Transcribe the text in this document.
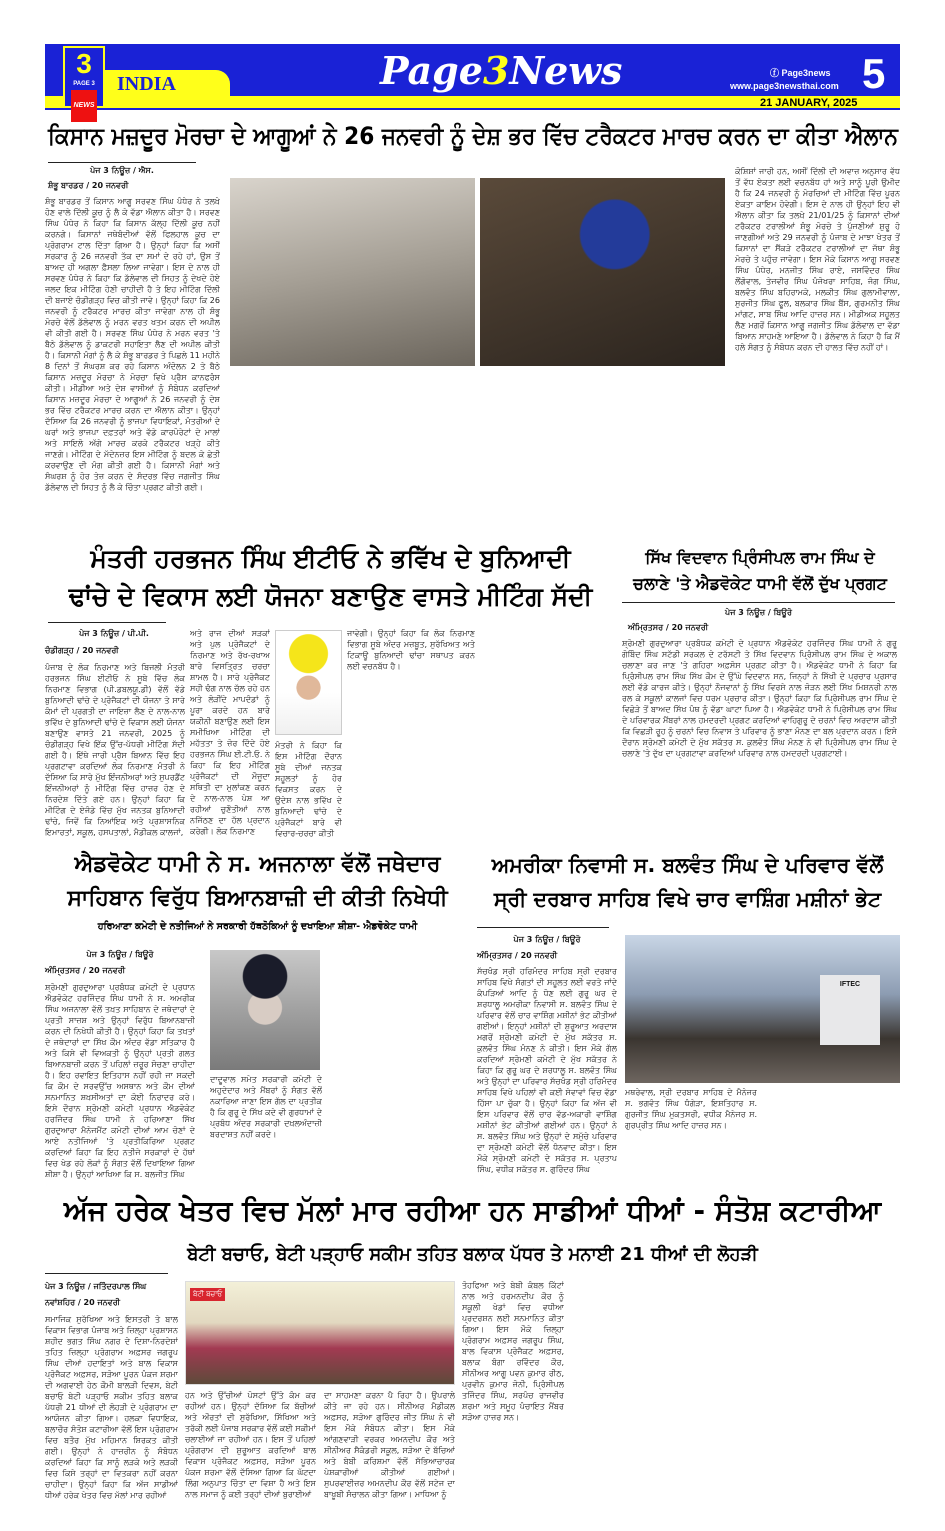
3
PAGE 3
NEWS
INDIA	Page3News	ⓕ Page3news
www.page3newsthai.com 5
21 JANUARY, 2025
ਕਿਸਾਨ ਮਜ਼ਦੂਰ ਮੋਰਚਾ ਦੇ ਆਗੂਆਂ ਨੇ 26 ਜਨਵਰੀ ਨੂੰ ਦੇਸ਼ ਭਰ ਵਿੱਚ ਟਰੈਕਟਰ ਮਾਰਚ ਕਰਨ ਦਾ ਕੀਤਾ ਐਲਾਨ
ਪੇਜ 3 ਨਿਊਜ਼ / ਐਸ.
ਸ਼ੰਭੂ ਬਾਰਡਰ / 20 ਜਨਵਰੀ
ਸ਼ੰਭੂ ਬਾਰਡਰ ਤੋਂ ਕਿਸਾਨ ਆਗੂ ਸਰਵਣ ਸਿੰਘ ਪੰਧੇਰ ਨੇ ਤਲਖ਼ੇ ਹੋਣ ਵਾਲੇ ਦਿੱਲੀ ਕੂਚ ਨੂੰ ਲੈ ਕੇ ਵੱਡਾ ਐਲਾਨ ਕੀਤਾ ਹੈ। ਸਰਵਣ ਸਿੰਘ ਪੰਧੇਰ ਨੇ ਕਿਹਾ ਕਿ ਕਿਸਾਨ ਕੱਲ੍ਹ ਦਿੱਲੀ ਕੂਚ ਨਹੀਂ ਕਰਨਗੇ। ਕਿਸਾਨਾਂ ਜਥੇਬੰਦੀਆਂ ਵੱਲੋਂ ਫਿਲਹਾਲ ਕੂਚ ਦਾ ਪ੍ਰੋਗਰਾਮ ਟਾਲ ਦਿੱਤਾ ਗਿਆ ਹੈ। ਉਨ੍ਹਾਂ ਕਿਹਾ ਕਿ ਅਸੀਂ ਸਰਕਾਰ ਨੂੰ 26 ਜਨਵਰੀ ਤੱਕ ਦਾ ਸਮਾਂ ਦੇ ਰਹੇ ਹਾਂ, ਉਸ ਤੋਂ ਬਾਅਦ ਹੀ ਅਗਲਾ ਫ਼ੈਸਲਾ ਲਿਆ ਜਾਵੇਗਾ। ਇਸ ਦੇ ਨਾਲ ਹੀ ਸਰਵਣ ਪੰਧੇਰ ਨੇ ਕਿਹਾ ਕਿ ਡੱਲੇਵਾਲ ਦੀ ਸਿਹਤ ਨੂੰ ਦੇਖਦੇ ਹੋਏ ਜਲਦ ਇਕ ਮੀਟਿੰਗ ਹੋਣੀ ਚਾਹੀਦੀ ਹੈ ਤੇ ਇਹ ਮੀਟਿੰਗ ਦਿੱਲੀ ਦੀ ਬਜਾਏ ਚੰਡੀਗੜ੍ਹ ਵਿਚ ਕੀਤੀ ਜਾਵੇ। ਉਨ੍ਹਾਂ ਕਿਹਾ ਕਿ 26 ਜਨਵਰੀ ਨੂੰ ਟਰੈਕਟਰ ਮਾਰਚ ਕੀਤਾ ਜਾਵੇਗਾ ਨਾਲ ਹੀ ਸ਼ੰਭੂ ਮੋਰਚੇ ਵੱਲੋਂ ਡੱਲੇਵਾਲ ਨੂੰ ਮਰਨ ਵਰਤ ਖਤਮ ਕਰਨ ਦੀ ਅਪੀਲ ਵੀ ਕੀਤੀ ਗਈ ਹੈ। ਸਰਵਣ ਸਿੰਘ ਪੰਧੇਰ ਨੇ ਮਰਨ ਵਰਤ 'ਤੇ ਬੈਠੇ ਡੱਲੇਵਾਲ ਨੂੰ ਡਾਕਟਰੀ ਸਹਾਇਤਾ ਲੈਣ ਦੀ ਅਪੀਲ ਕੀਤੀ ਹੈ। ਕਿਸਾਨੀ ਮੰਗਾਂ ਨੂੰ ਲੈ ਕੇ ਸ਼ੰਭੂ ਬਾਰਡਰ ਤੇ ਪਿਛਲੇ 11 ਮਹੀਨੇ 8 ਦਿਨਾਂ ਤੋਂ ਸੰਘਰਸ਼ ਕਰ ਰਹੇ ਕਿਸਾਨ ਅੰਦੋਲਨ 2 ਤੇ ਬੈਠੇ ਕਿਸਾਨ ਮਜ਼ਦੂਰ ਮੋਰਚਾ ਨੇ ਮੋਰਚਾ ਵਿਖੇ ਪ੍ਰੈਸ ਕਾਨਫਰੰਸ ਕੀਤੀ। ਮੀਡੀਆ ਅਤੇ ਦੇਸ਼ ਵਾਸੀਆਂ ਨੂੰ ਸੰਬੋਧਨ ਕਰਦਿਆਂ ਕਿਸਾਨ ਮਜ਼ਦੂਰ ਮੋਰਚਾ ਦੇ ਆਗੂਆਂ ਨੇ 26 ਜਨਵਰੀ ਨੂੰ ਦੇਸ਼ ਭਰ ਵਿੱਚ ਟਰੈਕਟਰ ਮਾਰਚ ਕਰਨ ਦਾ ਐਲਾਨ ਕੀਤਾ। ਉਨ੍ਹਾਂ ਦੱਸਿਆ ਕਿ 26 ਜਨਵਰੀ ਨੂੰ ਭਾਜਪਾ ਵਿਧਾਇਕਾਂ, ਮੰਤਰੀਆਂ ਦੇ ਘਰਾਂ ਅਤੇ ਭਾਜਪਾ ਦਫ਼ਤਰਾਂ ਅਤੇ ਵੱਡੇ ਕਾਰਪੋਰੇਟਾਂ ਦੇ ਮਾਲਾਂ ਅਤੇ ਸਾਇਲੋ ਅੱਗੇ ਮਾਰਚ ਕਰਕੇ ਟਰੈਕਟਰ ਖੜ੍ਹੇ ਕੀਤੇ ਜਾਣਗੇ। ਮੀਟਿੰਗ ਦੇ ਮੱਦੇਨਜ਼ਰ ਇਸ ਮੀਟਿੰਗ ਨੂੰ ਬਦਲ ਕੇ ਛੇਤੀ ਕਰਵਾਉਣ ਦੀ ਮੰਗ ਕੀਤੀ ਗਈ ਹੈ। ਕਿਸਾਨੀ ਮੰਗਾਂ ਅਤੇ ਸੰਘਰਸ਼ ਨੂੰ ਹੋਰ ਤੇਜ਼ ਕਰਨ ਦੇ ਸੰਦਰਭ ਵਿੱਚ ਜਗਜੀਤ ਸਿੰਘ ਡੱਲੇਵਾਲ ਦੀ ਸਿਹਤ ਨੂੰ ਲੈ ਕੇ ਚਿੰਤਾ ਪ੍ਰਗਟ ਕੀਤੀ ਗਈ।
ਕੋਸ਼ਿਸ਼ਾਂ ਜਾਰੀ ਹਨ, ਅਸੀਂ ਦਿੱਲੀ ਦੀ ਅਵਾਜ਼ ਅਨੁਸਾਰ ਵੱਧ ਤੋਂ ਵੱਧ ਏਕਤਾ ਲਈ ਵਚਨਬੱਧ ਹਾਂ ਅਤੇ ਸਾਨੂੰ ਪੂਰੀ ਉਮੀਦ ਹੈ ਕਿ 24 ਜਨਵਰੀ ਨੂੰ ਮੋਰਚਿਆਂ ਦੀ ਮੀਟਿੰਗ ਵਿੱਚ ਪੂਰਨ ਏਕਤਾ ਕਾਇਮ ਹੋਵੇਗੀ। ਇਸ ਦੇ ਨਾਲ ਹੀ ਉਨ੍ਹਾਂ ਇਹ ਵੀ ਐਲਾਨ ਕੀਤਾ ਕਿ ਤਲਖ਼ੇ 21/01/25 ਨੂੰ ਕਿਸਾਨਾਂ ਦੀਆਂ ਟਰੈਕਟਰ ਟਰਾਲੀਆਂ ਸ਼ੰਭੂ ਮੋਰਚੇ ਤੇ ਪੁੱਜਣੀਆਂ ਸ਼ੁਰੂ ਹੋ ਜਾਣਗੀਆਂ ਅਤੇ 29 ਜਨਵਰੀ ਨੂੰ ਪੰਜਾਬ ਦੇ ਮਾਝਾ ਖੇਤਰ ਤੋਂ ਕਿਸਾਨਾਂ ਦਾ ਸੈਂਕੜੇ ਟਰੈਕਟਰ ਟਰਾਲੀਆਂ ਦਾ ਜੱਥਾ ਸ਼ੰਭੂ ਮੋਰਚੇ ਤੇ ਪਹੁੰਚ ਜਾਵੇਗਾ। ਇਸ ਮੌਕੇ ਕਿਸਾਨ ਆਗੂ ਸਰਵਣ ਸਿੰਘ ਪੰਧੇਰ, ਮਨਜੀਤ ਸਿੰਘ ਰਾਏ, ਜਸਵਿੰਦਰ ਸਿੰਘ ਲੌਂਗੋਵਾਲ, ਤੇਜਵੀਰ ਸਿੰਘ ਪੰਜੋਖਰਾ ਸਾਹਿਬ, ਜੰਗ ਸਿੰਘ, ਬਲਵੰਤ ਸਿੰਘ ਬਹਿਰਾਮਕੇ, ਮਲਕੀਤ ਸਿੰਘ ਗੁਲਾਮੀਵਾਲਾ, ਸੁਰਜੀਤ ਸਿੰਘ ਫੂਲ, ਬਲਕਾਰ ਸਿੰਘ ਬੈਂਸ, ਗੁਰਮਨੀਤ ਸਿੰਘ ਮਾਂਗਟ, ਸਾਬ ਸਿੰਘ ਆਦਿ ਹਾਜ਼ਰ ਸਨ। ਮੀਡੀਅਕ ਸਹੂਲਤ ਲੈਣ ਮਗਰੋਂ ਕਿਸਾਨ ਆਗੂ ਜਗਜੀਤ ਸਿੰਘ ਡੱਲੇਵਾਲ ਦਾ ਵੱਡਾ ਬਿਆਨ ਸਾਹਮਣੇ ਆਇਆ ਹੈ। ਡੱਲੇਵਾਲ ਨੇ ਕਿਹਾ ਹੈ ਕਿ ਮੈਂ ਹਲੇ ਸੰਗਤ ਨੂੰ ਸੰਬੋਧਨ ਕਰਨ ਦੀ ਹਾਲਤ ਵਿੱਚ ਨਹੀਂ ਹਾਂ।
ਮੰਤਰੀ ਹਰਭਜਨ ਸਿੰਘ ਈਟੀਓ ਨੇ ਭਵਿੱਖ ਦੇ ਬੁਨਿਆਦੀ
ਢਾਂਚੇ ਦੇ ਵਿਕਾਸ ਲਈ ਯੋਜਨਾ ਬਣਾਉਣ ਵਾਸਤੇ ਮੀਟਿੰਗ ਸੱਦੀ
ਪੇਜ 3 ਨਿਊਜ਼ / ਪੀ.ਪੀ.
ਚੰਡੀਗੜ੍ਹ / 20 ਜਨਵਰੀ
ਪੰਜਾਬ ਦੇ ਲੋਕ ਨਿਰਮਾਣ ਅਤੇ ਬਿਜਲੀ ਮੰਤਰੀ ਹਰਭਜਨ ਸਿੰਘ ਈਟੀਓ ਨੇ ਸੂਬੇ ਵਿੱਚ ਲੋਕ ਨਿਰਮਾਣ ਵਿਭਾਗ (ਪੀ.ਡਬਲਯੂ.ਡੀ) ਵੱਲੋਂ ਵੱਡੇ ਬੁਨਿਆਦੀ ਢਾਂਚੇ ਦੇ ਪ੍ਰੋਜੈਕਟਾਂ ਦੀ ਯੋਜਨਾ ਤੇ ਸਾਰੇ ਕੰਮਾਂ ਦੀ ਪ੍ਰਗਤੀ ਦਾ ਜਾਇਜ਼ਾ ਲੈਣ ਦੇ ਨਾਲ-ਨਾਲ ਭਵਿੱਖ ਦੇ ਬੁਨਿਆਦੀ ਢਾਂਚੇ ਦੇ ਵਿਕਾਸ ਲਈ ਯੋਜਨਾ ਬਣਾਉਣ ਵਾਸਤੇ 21 ਜਨਵਰੀ, 2025 ਨੂੰ ਚੰਡੀਗੜ੍ਹ ਵਿਖੇ ਇੱਕ ਉੱਚ-ਪੱਧਰੀ ਮੀਟਿੰਗ ਸੱਦੀ ਗਈ ਹੈ। ਇੱਥੇ ਜਾਰੀ ਪ੍ਰੈਸ ਬਿਆਨ ਵਿੱਚ ਇਹ ਪ੍ਰਗਟਾਵਾ ਕਰਦਿਆਂ ਲੋਕ ਨਿਰਮਾਣ ਮੰਤਰੀ ਨੇ ਦੱਸਿਆ ਕਿ ਸਾਰੇ ਮੁੱਖ ਇੰਜਨੀਅਰਾਂ ਅਤੇ ਸੁਪਰਡੈਂਟ ਇੰਜਨੀਅਰਾਂ ਨੂੰ ਮੀਟਿੰਗ ਵਿੱਚ ਹਾਜ਼ਰ ਹੋਣ ਦੇ ਨਿਰਦੇਸ਼ ਦਿੱਤੇ ਗਏ ਹਨ। ਉਨ੍ਹਾਂ ਕਿਹਾ ਕਿ ਮੀਟਿੰਗ ਦੇ ਏਜੰਡੇ ਵਿੱਚ ਮੁੱਖ ਜਨਤਕ ਬੁਨਿਆਦੀ ਢਾਂਚੇ, ਜਿਵੇਂ ਕਿ ਨਿਆਂਇਕ ਅਤੇ ਪ੍ਰਸ਼ਾਸਨਿਕ ਇਮਾਰਤਾਂ, ਸਕੂਲ, ਹਸਪਤਾਲਾਂ, ਮੈਡੀਕਲ ਕਾਲਜਾਂ,
ਅਤੇ ਰਾਜ ਦੀਆਂ ਸੜਕਾਂ ਅਤੇ ਪੁਲ ਪ੍ਰੋਜੈਕਟਾਂ ਦੇ ਨਿਰਮਾਣ ਅਤੇ ਰੱਖ-ਰਖਾਅ ਬਾਰੇ ਵਿਸਤ੍ਰਿਤ ਚਰਚਾ ਸ਼ਾਮਲ ਹੈ। ਸਾਰੇ ਪ੍ਰੋਜੈਕਟ ਸਹੀ ਢੰਗ ਨਾਲ ਚੱਲ ਰਹੇ ਹਨ ਅਤੇ ਲੋੜੀਂਦੇ ਮਾਪਦੰਡਾਂ ਨੂੰ ਪੂਰਾ ਕਰਦੇ ਹਨ ਬਾਰੇ ਯਕੀਨੀ ਬਣਾਉਣ ਲਈ ਇਸ ਸਮੀਖਿਆ ਮੀਟਿੰਗ ਦੀ ਮਹੱਤਤਾ ਤੇ ਜ਼ੋਰ ਦਿੰਦੇ ਹੋਏ ਹਰਭਜਨ ਸਿੰਘ ਈ.ਟੀ.ਓ. ਨੇ ਕਿਹਾ ਕਿ ਇਹ ਮੀਟਿੰਗ ਪ੍ਰੋਜੈਕਟਾਂ ਦੀ ਮੌਜੂਦਾ ਸਥਿਤੀ ਦਾ ਮੁਲਾਂਕਣ ਕਰਨ ਦੇ ਨਾਲ-ਨਾਲ ਪੇਸ਼ ਆ ਰਹੀਆਂ ਚੁਣੌਤੀਆਂ ਨਾਲ ਨਜਿੱਠਣ ਦਾ ਹੱਲ ਪ੍ਰਦਾਨ ਕਰੇਗੀ। ਲੋਕ ਨਿਰਮਾਣ
ਮੰਤਰੀ ਨੇ ਕਿਹਾ ਕਿ ਇਸ ਮੀਟਿੰਗ ਦੌਰਾਨ ਸੂਬੇ ਦੀਆਂ ਜਨਤਕ ਸਹੂਲਤਾਂ ਨੂੰ ਹੋਰ ਵਿਕਸਤ ਕਰਨ ਦੇ ਉਦੇਸ਼ ਨਾਲ ਭਵਿੱਖ ਦੇ ਬੁਨਿਆਦੀ ਢਾਂਚੇ ਦੇ ਪ੍ਰੋਜੈਕਟਾਂ ਬਾਰੇ ਵੀ ਵਿਚਾਰ-ਚਰਚਾ ਕੀਤੀ
ਜਾਵੇਗੀ। ਉਨ੍ਹਾਂ ਕਿਹਾ ਕਿ ਲੋਕ ਨਿਰਮਾਣ ਵਿਭਾਗ ਸੂਬੇ ਅੰਦਰ ਮਜ਼ਬੂਤ, ਸੁਰੱਖਿਅਤ ਅਤੇ ਟਿਕਾਊ ਬੁਨਿਆਦੀ ਢਾਂਚਾ ਸਥਾਪਤ ਕਰਨ ਲਈ ਵਚਨਬੱਧ ਹੈ।
ਸਿੱਖ ਵਿਦਵਾਨ ਪ੍ਰਿੰਸੀਪਲ ਰਾਮ ਸਿੰਘ ਦੇ
ਚਲਾਣੇ 'ਤੇ ਐਡਵੋਕੇਟ ਧਾਮੀ ਵੱਲੋਂ ਦੁੱਖ ਪ੍ਰਗਟ
ਪੇਜ 3 ਨਿਊਜ਼ / ਬਿਊਰੋ
ਅੰਮ੍ਰਿਤਸਰ / 20 ਜਨਵਰੀ
ਸ਼੍ਰੋਮਣੀ ਗੁਰਦੁਆਰਾ ਪ੍ਰਬੰਧਕ ਕਮੇਟੀ ਦੇ ਪ੍ਰਧਾਨ ਐਡਵੋਕੇਟ ਹਰਜਿੰਦਰ ਸਿੰਘ ਧਾਮੀ ਨੇ ਗੁਰੂ ਗੋਬਿੰਦ ਸਿੰਘ ਸਟੱਡੀ ਸਰਕਲ ਦੇ ਟਰੱਸਟੀ ਤੇ ਸਿੱਖ ਵਿਦਵਾਨ ਪ੍ਰਿੰਸੀਪਲ ਰਾਮ ਸਿੰਘ ਦੇ ਅਕਾਲ ਚਲਾਣਾ ਕਰ ਜਾਣ 'ਤੇ ਗਹਿਰਾ ਅਫ਼ਸੋਸ ਪ੍ਰਗਟ ਕੀਤਾ ਹੈ। ਐਡਵੋਕੇਟ ਧਾਮੀ ਨੇ ਕਿਹਾ ਕਿ ਪ੍ਰਿੰਸੀਪਲ ਰਾਮ ਸਿੰਘ ਸਿੱਖ ਕੌਮ ਦੇ ਉੱਘੇ ਵਿਦਵਾਨ ਸਨ, ਜਿਨ੍ਹਾਂ ਨੇ ਸਿੱਖੀ ਦੇ ਪ੍ਰਚਾਰ ਪ੍ਰਸਾਰ ਲਈ ਵੱਡੇ ਕਾਰਜ ਕੀਤੇ। ਉਨ੍ਹਾਂ ਨੌਜਵਾਨਾਂ ਨੂੰ ਸਿੱਖ ਵਿਰਸੇ ਨਾਲ ਜੋੜਨ ਲਈ ਸਿੱਖ ਮਿਸ਼ਨਰੀ ਨਾਲ ਰਲ ਕੇ ਸਕੂਲਾਂ ਕਾਲਜਾਂ ਵਿਚ ਧਰਮ ਪ੍ਰਚਾਰ ਕੀਤਾ। ਉਨ੍ਹਾਂ ਕਿਹਾ ਕਿ ਪ੍ਰਿੰਸੀਪਲ ਰਾਮ ਸਿੰਘ ਦੇ ਵਿਛੋੜੇ ਤੋਂ ਬਾਅਦ ਸਿੱਖ ਪੰਥ ਨੂੰ ਵੱਡਾ ਘਾਟਾ ਪਿਆ ਹੈ। ਐਡਵੋਕੇਟ ਧਾਮੀ ਨੇ ਪ੍ਰਿੰਸੀਪਲ ਰਾਮ ਸਿੰਘ ਦੇ ਪਰਿਵਾਰਕ ਮੈਂਬਰਾਂ ਨਾਲ ਹਮਦਰਦੀ ਪ੍ਰਗਟ ਕਰਦਿਆਂ ਵਾਹਿਗੁਰੂ ਦੇ ਚਰਨਾਂ ਵਿਚ ਅਰਦਾਸ ਕੀਤੀ ਕਿ ਵਿਛੜੀ ਰੂਹ ਨੂੰ ਚਰਨਾਂ ਵਿਚ ਨਿਵਾਸ ਤੇ ਪਰਿਵਾਰ ਨੂੰ ਭਾਣਾ ਮੰਨਣ ਦਾ ਬਲ ਪ੍ਰਦਾਨ ਕਰਨ। ਇਸੇ ਦੌਰਾਨ ਸ਼੍ਰੋਮਣੀ ਕਮੇਟੀ ਦੇ ਮੁੱਖ ਸਕੱਤਰ ਸ. ਕੁਲਵੰਤ ਸਿੰਘ ਮੰਨਣ ਨੇ ਵੀ ਪ੍ਰਿੰਸੀਪਲ ਰਾਮ ਸਿੰਘ ਦੇ ਚਲਾਣੇ 'ਤੇ ਦੁੱਖ ਦਾ ਪ੍ਰਗਟਾਵਾ ਕਰਦਿਆਂ ਪਰਿਵਾਰ ਨਾਲ ਹਮਦਰਦੀ ਪ੍ਰਗਟਾਈ।
ਐਡਵੋਕੇਟ ਧਾਮੀ ਨੇ ਸ. ਅਜਨਾਲਾ ਵੱਲੋਂ ਜਥੇਦਾਰ
ਸਾਹਿਬਾਨ ਵਿਰੁੱਧ ਬਿਆਨਬਾਜ਼ੀ ਦੀ ਕੀਤੀ ਨਿਖੇਧੀ
ਹਰਿਆਣਾ ਕਮੇਟੀ ਦੇ ਨਤੀਜਿਆਂ ਨੇ ਸਰਕਾਰੀ ਹੱਥਠੋਕਿਆਂ ਨੂੰ ਦਖਾਇਆ ਸ਼ੀਸ਼ਾ- ਐਡਵੋਕੇਟ ਧਾਮੀ
ਪੇਜ 3 ਨਿਊਜ਼ / ਬਿਊਰੋ
ਅੰਮ੍ਰਿਤਸਰ / 20 ਜਨਵਰੀ
ਸ਼੍ਰੋਮਣੀ ਗੁਰਦੁਆਰਾ ਪ੍ਰਬੰਧਕ ਕਮੇਟੀ ਦੇ ਪ੍ਰਧਾਨ ਐਡਵੋਕੇਟ ਹਰਜਿੰਦਰ ਸਿੰਘ ਧਾਮੀ ਨੇ ਸ. ਅਮਰੀਕ ਸਿੰਘ ਅਜਨਾਲਾ ਵੱਲੋਂ ਤਖ਼ਤ ਸਾਹਿਬਾਨ ਦੇ ਜਥੇਦਾਰਾਂ ਦੇ ਪ੍ਰਤੀ ਸਾਜ਼ਸ਼ ਅਤੇ ਉਨ੍ਹਾਂ ਵਿਰੁੱਧ ਬਿਆਨਬਾਜ਼ੀ ਕਰਨ ਦੀ ਨਿਖੇਧੀ ਕੀਤੀ ਹੈ। ਉਨ੍ਹਾਂ ਕਿਹਾ ਕਿ ਤਖ਼ਤਾਂ ਦੇ ਜਥੇਦਾਰਾਂ ਦਾ ਸਿੱਖ ਕੌਮ ਅੰਦਰ ਵੱਡਾ ਸਤਿਕਾਰ ਹੈ ਅਤੇ ਕਿਸੇ ਵੀ ਵਿਅਕਤੀ ਨੂੰ ਉਨ੍ਹਾਂ ਪ੍ਰਤੀ ਗਲਤ ਬਿਆਨਬਾਜ਼ੀ ਕਰਨ ਤੋਂ ਪਹਿਲਾਂ ਜ਼ਰੂਰ ਸੋਚਣਾ ਚਾਹੀਦਾ ਹੈ। ਇਹ ਰਵਾਇਤ ਇਤਿਹਾਸ ਨਹੀਂ ਰਹੀ ਜਾ ਸਕਦੀ ਕਿ ਕੌਮ ਦੇ ਸਰਵਉੱਚ ਅਸਥਾਨ ਅਤੇ ਕੌਮ ਦੀਆਂ ਸਨਮਾਨਿਤ ਸ਼ਖ਼ਸੀਅਤਾਂ ਦਾ ਕੋਈ ਨਿਰਾਦਰ ਕਰੇ। ਇਸੇ ਦੌਰਾਨ ਸ਼੍ਰੋਮਣੀ ਕਮੇਟੀ ਪ੍ਰਧਾਨ ਐਡਵੋਕੇਟ ਹਰਜਿੰਦਰ ਸਿੰਘ ਧਾਮੀ ਨੇ ਹਰਿਆਣਾ ਸਿੱਖ ਗੁਰਦੁਆਰਾ ਮੈਨੇਜਮੈਂਟ ਕਮੇਟੀ ਦੀਆਂ ਆਮ ਚੋਣਾਂ ਦੇ ਆਏ ਨਤੀਜਿਆਂ 'ਤੇ ਪ੍ਰਤੀਕਿਰਿਆ ਪ੍ਰਗਟ ਕਰਦਿਆਂ ਕਿਹਾ ਕਿ ਇਹ ਨਤੀਜੇ ਸਰਕਾਰਾਂ ਦੇ ਹੱਥਾਂ ਵਿਚ ਖੇਡ ਰਹੇ ਲੋਕਾਂ ਨੂੰ ਸੰਗਤ ਵੱਲੋਂ ਦਿਖਾਇਆ ਗਿਆ ਸ਼ੀਸ਼ਾ ਹੈ। ਉਨ੍ਹਾਂ ਆਖਿਆ ਕਿ ਸ. ਬਲਜੀਤ ਸਿੰਘ
ਦਾਦੂਵਾਲ ਸਮੇਤ ਸਰਕਾਰੀ ਕਮੇਟੀ ਦੇ ਅਹੁਦੇਦਾਰ ਅਤੇ ਮੈਂਬਰਾਂ ਨੂੰ ਸੰਗਤ ਵੱਲੋਂ ਨਕਾਰਿਆ ਜਾਣਾ ਇਸ ਗੱਲ ਦਾ ਪ੍ਰਤੀਕ ਹੈ ਕਿ ਗੁਰੂ ਦੇ ਸਿੱਖ ਕਦੇ ਵੀ ਗੁਰਧਾਮਾਂ ਦੇ ਪ੍ਰਬੰਧ ਅੰਦਰ ਸਰਕਾਰੀ ਦਖ਼ਲਅੰਦਾਜ਼ੀ ਬਰਦਾਸ਼ਤ ਨਹੀਂ ਕਰਦੇ।
ਅਮਰੀਕਾ ਨਿਵਾਸੀ ਸ. ਬਲਵੰਤ ਸਿੰਘ ਦੇ ਪਰਿਵਾਰ ਵੱਲੋਂ
ਸ੍ਰੀ ਦਰਬਾਰ ਸਾਹਿਬ ਵਿਖੇ ਚਾਰ ਵਾਸ਼ਿੰਗ ਮਸ਼ੀਨਾਂ ਭੇਟ
ਪੇਜ 3 ਨਿਊਜ਼ / ਬਿਊਰੋ
ਅੰਮ੍ਰਿਤਸਰ / 20 ਜਨਵਰੀ
ਸੱਚਖੰਡ ਸ੍ਰੀ ਹਰਿਮੰਦਰ ਸਾਹਿਬ ਸ੍ਰੀ ਦਰਬਾਰ ਸਾਹਿਬ ਵਿਖੇ ਸੰਗਤਾਂ ਦੀ ਸਹੂਲਤ ਲਈ ਵਰਤੇ ਜਾਂਦੇ ਕੰਪੜਿਆਂ ਆਦਿ ਨੂੰ ਧੋਣ ਲਈ ਗੁਰੂ ਘਰ ਦੇ ਸ਼ਰਧਾਲੂ ਅਮਰੀਕਾ ਨਿਵਾਸੀ ਸ. ਬਲਵੰਤ ਸਿੰਘ ਦੇ ਪਰਿਵਾਰ ਵੱਲੋਂ ਚਾਰ ਵਾਸ਼ਿੰਗ ਮਸ਼ੀਨਾਂ ਭੇਟ ਕੀਤੀਆਂ ਗਈਆਂ। ਇਨ੍ਹਾਂ ਮਸ਼ੀਨਾਂ ਦੀ ਸ਼ੁਰੂਆਤ ਅਰਦਾਸ ਮਗਰੋਂ ਸ਼੍ਰੋਮਣੀ ਕਮੇਟੀ ਦੇ ਮੁੱਖ ਸਕੱਤਰ ਸ. ਕੁਲਵੰਤ ਸਿੰਘ ਮੰਨਣ ਨੇ ਕੀਤੀ। ਇਸ ਮੌਕੇ ਗੱਲ ਕਰਦਿਆਂ ਸ੍ਰੋਮਣੀ ਕਮੇਟੀ ਦੇ ਮੁੱਖ ਸਕੱਤਰ ਨੇ ਕਿਹਾ ਕਿ ਗੁਰੂ ਘਰ ਦੇ ਸ਼ਰਧਾਲੂ ਸ. ਬਲਵੰਤ ਸਿੰਘ ਅਤੇ ਉਨ੍ਹਾਂ ਦਾ ਪਰਿਵਾਰ ਸੱਚਖੰਡ ਸ੍ਰੀ ਹਰਿਮੰਦਰ ਸਾਹਿਬ ਵਿਖੇ ਪਹਿਲਾਂ ਵੀ ਕਈ ਸੇਵਾਵਾਂ ਵਿਚ ਵੱਡਾ ਹਿੱਸਾ ਪਾ ਚੁੱਕਾ ਹੈ। ਉਨ੍ਹਾਂ ਕਿਹਾ ਕਿ ਅੱਜ ਵੀ ਇਸ ਪਰਿਵਾਰ ਵੱਲੋਂ ਚਾਰ ਵੱਡ-ਅਕਾਰੀ ਵਾਸ਼ਿੰਗ ਮਸ਼ੀਨਾਂ ਭੇਟ ਕੀਤੀਆਂ ਗਈਆਂ ਹਨ। ਉਨ੍ਹਾਂ ਨੇ ਸ. ਬਲਵੰਤ ਸਿੰਘ ਅਤੇ ਉਨ੍ਹਾਂ ਦੇ ਸਮੁੱਚੇ ਪਰਿਵਾਰ ਦਾ ਸ੍ਰੋਮਣੀ ਕਮੇਟੀ ਵੱਲੋਂ ਧੰਨਵਾਦ ਕੀਤਾ। ਇਸ ਮੌਕੇ ਸ੍ਰੋਮਣੀ ਕਮੇਟੀ ਦੇ ਸਕੱਤਰ ਸ. ਪ੍ਰਤਾਪ ਸਿੰਘ, ਵਧੀਕ ਸਕੱਤਰ ਸ. ਗੁਰਿੰਦਰ ਸਿੰਘ
IFTEC
ਮਥਰੇਵਾਲ, ਸ੍ਰੀ ਦਰਬਾਰ ਸਾਹਿਬ ਦੇ ਮੈਨੇਜਰ ਸ. ਭਗਵੰਤ ਸਿੰਘ ਧੰਗੇੜਾ, ਇਸ਼ਤਿਹਾਰ ਸ. ਗੁਰਜੀਤ ਸਿੰਘ ਮੁਕਤਸਰੀ, ਵਧੀਕ ਮੈਨੇਜਰ ਸ. ਗੁਰਪ੍ਰੀਤ ਸਿੰਘ ਆਦਿ ਹਾਜ਼ਰ ਸਨ।
ਅੱਜ ਹਰੇਕ ਖੇਤਰ ਵਿਚ ਮੱਲਾਂ ਮਾਰ ਰਹੀਆ ਹਨ ਸਾਡੀਆਂ ਧੀਆਂ - ਸੰਤੋਸ਼ ਕਟਾਰੀਆ
ਬੇਟੀ ਬਚਾਓ, ਬੇਟੀ ਪੜ੍ਹਾਓ ਸਕੀਮ ਤਹਿਤ ਬਲਾਕ ਪੱਧਰ ਤੇ ਮਨਾਈ 21 ਧੀਆਂ ਦੀ ਲੋਹੜੀ
ਪੇਜ 3 ਨਿਊਜ਼ / ਜਤਿੰਦਰਪਾਲ ਸਿੰਘ
ਨਵਾਂਸ਼ਹਿਰ / 20 ਜਨਵਰੀ
ਸਮਾਜਿਕ ਸੁਰੱਖਿਆ ਅਤੇ ਇਸਤਰੀ ਤੇ ਬਾਲ ਵਿਕਾਸ ਵਿਭਾਗ ਪੰਜਾਬ ਅਤੇ ਜ਼ਿਲ੍ਹਾ ਪ੍ਰਸ਼ਾਸਨ ਸ਼ਹੀਦ ਭਗਤ ਸਿੰਘ ਨਗਰ ਦੇ ਦਿਸ਼ਾ-ਨਿਰਦੇਸ਼ਾਂ ਤਹਿਤ ਜ਼ਿਲ੍ਹਾ ਪ੍ਰੋਗਰਾਮ ਅਫ਼ਸਰ ਜਗਰੂਪ ਸਿੰਘ ਦੀਆਂ ਹਦਾਇਤਾਂ ਅਤੇ ਬਾਲ ਵਿਕਾਸ ਪ੍ਰੋਜੈਕਟ ਅਫ਼ਸਰ, ਸੜੋਆ ਪੂਰਨ ਪੰਕਜ ਸ਼ਰਮਾ ਦੀ ਅਗਵਾਈ ਹੇਠ ਕੌਮੀ ਬਾਲੜੀ ਦਿਵਸ, ਬੇਟੀ ਬਚਾਓ ਬੇਟੀ ਪੜ੍ਹਾਓ ਸਕੀਮ ਤਹਿਤ ਬਲਾਕ ਪੱਧਰੀ 21 ਧੀਆਂ ਦੀ ਲੋਹੜੀ ਦੇ ਪ੍ਰੋਗਰਾਮ ਦਾ ਆਯੋਜਨ ਕੀਤਾ ਗਿਆ। ਹਲਕਾ ਵਿਧਾਇਕ, ਬਲਾਚੌਰ ਸੰਤੋਸ਼ ਕਟਾਰੀਆ ਵੱਲੋਂ ਇਸ ਪ੍ਰੋਗਰਾਮ ਵਿਚ ਬਤੌਰ ਮੁੱਖ ਮਹਿਮਾਨ ਸ਼ਿਰਕਤ ਕੀਤੀ ਗਈ। ਉਨ੍ਹਾਂ ਨੇ ਹਾਜ਼ਰੀਨ ਨੂੰ ਸੰਬੋਧਨ ਕਰਦਿਆਂ ਕਿਹਾ ਕਿ ਸਾਨੂੰ ਲੜਕੇ ਅਤੇ ਲੜਕੀ ਵਿਚ ਕਿਸੇ ਤਰ੍ਹਾਂ ਦਾ ਵਿਤਕਰਾ ਨਹੀਂ ਕਰਨਾ ਚਾਹੀਦਾ। ਉਨ੍ਹਾਂ ਕਿਹਾ ਕਿ ਅੱਜ ਸਾਡੀਆਂ ਧੀਆਂ ਹਰੇਕ ਖੇਤਰ ਵਿਚ ਮੱਲਾਂ ਮਾਰ ਰਹੀਆਂ
ਬੇਟੀ ਬਚਾਓ
ਹਨ ਅਤੇ ਉੱਚੀਆਂ ਪੋਸਟਾਂ ਉੱਤੇ ਕੰਮ ਕਰ ਰਹੀਆਂ ਹਨ। ਉਨ੍ਹਾਂ ਦੱਸਿਆ ਕਿ ਬੱਚੀਆਂ ਅਤੇ ਔਰਤਾਂ ਦੀ ਸੁਰੱਖਿਆ, ਸਿੱਖਿਆ ਅਤੇ ਤਰੱਕੀ ਲਈ ਪੰਜਾਬ ਸਰਕਾਰ ਵੱਲੋਂ ਕਈ ਸਕੀਮਾਂ ਚਲਾਈਆਂ ਜਾ ਰਹੀਆਂ ਹਨ। ਇਸ ਤੋਂ ਪਹਿਲਾਂ ਪ੍ਰੋਗਰਾਮ ਦੀ ਸ਼ੁਰੂਆਤ ਕਰਦਿਆਂ ਬਾਲ ਵਿਕਾਸ ਪ੍ਰੋਜੈਕਟ ਅਫ਼ਸਰ, ਸੜੋਆ ਪੂਰਨ ਪੰਕਜ ਸ਼ਰਮਾ ਵੱਲੋਂ ਦੱਸਿਆ ਗਿਆ ਕਿ ਘੱਟਦਾ ਲਿੰਗ ਅਨੁਪਾਤ ਚਿੰਤਾ ਦਾ ਵਿਸ਼ਾ ਹੈ ਅਤੇ ਇਸ ਨਾਲ ਸਮਾਜ ਨੂੰ ਕਈ ਤਰ੍ਹਾਂ ਦੀਆਂ ਬੁਰਾਈਆਂ
ਦਾ ਸਾਹਮਣਾ ਕਰਨਾ ਪੈ ਰਿਹਾ ਹੈ। ਉਪਰਾਲੇ ਕੀਤੇ ਜਾ ਰਹੇ ਹਨ। ਸੀਨੀਅਰ ਮੈਡੀਕਲ ਅਫ਼ਸਰ, ਸੜੋਆ ਗੁਰਿੰਦਰ ਜੀਤ ਸਿੰਘ ਨੇ ਵੀ ਇਸ ਮੌਕੇ ਸੰਬੋਧਨ ਕੀਤਾ। ਇਸ ਮੌਕੇ ਆਂਗਣਵਾੜੀ ਵਰਕਰ ਅਮਨਦੀਪ ਕੌਰ ਅਤੇ ਸੀਨੀਅਰ ਸੈਕੰਡਰੀ ਸਕੂਲ, ਸੜੋਆ ਦੇ ਬੱਚਿਆਂ ਅਤੇ ਬੇਬੀ ਕਰਿਸ਼ਮਾ ਵੱਲੋਂ ਸੱਭਿਆਚਾਰਕ ਪੇਸ਼ਕਾਰੀਆਂ ਕੀਤੀਆਂ ਗਈਆਂ। ਸੁਪਰਵਾਈਜ਼ਰ ਅਮਨਦੀਪ ਕੌਰ ਵੱਲੋਂ ਸਟੇਜ ਦਾ ਬਾਖੂਬੀ ਸੰਚਾਲਨ ਕੀਤਾ ਗਿਆ। ਮਾਧਿਆ ਨੂੰ
ਤੋਹਫਿਆ ਅਤੇ ਬੇਬੀ ਕੰਬਲ ਕਿੱਟਾਂ ਨਾਲ ਅਤੇ ਹਰਮਨਦੀਪ ਕੌਰ ਨੂੰ ਸਕੂਲੀ ਖੇਡਾਂ ਵਿਚ ਵਧੀਆ ਪ੍ਰਦਰਸ਼ਨ ਲਈ ਸਨਮਾਨਿਤ ਕੀਤਾ ਗਿਆ। ਇਸ ਮੌਕੇ ਜ਼ਿਲ੍ਹਾ ਪ੍ਰੋਗਰਾਮ ਅਫ਼ਸਰ ਜਗਰੂਪ ਸਿੰਘ, ਬਾਲ ਵਿਕਾਸ ਪ੍ਰੋਜੈਕਟ ਅਫ਼ਸਰ, ਬਲਾਕ ਬੰਗਾ ਰਵਿੰਦਰ ਕੌਰ, ਸੀਨੀਅਰ ਆਗੂ ਪਵਨ ਕੁਮਾਰ ਰੀਠ, ਪ੍ਰਵੀਨ ਕੁਮਾਰ ਜੋਨੀ, ਪ੍ਰਿੰਸੀਪਲ ਤਜਿੰਦਰ ਸਿੰਘ, ਸਰਪੰਚ ਰਾਜਵੀਰ ਸ਼ਰਮਾ ਅਤੇ ਸਮੂਹ ਪੰਚਾਇਤ ਮੈਂਬਰ ਸੜੋਆ ਹਾਜ਼ਰ ਸਨ।
